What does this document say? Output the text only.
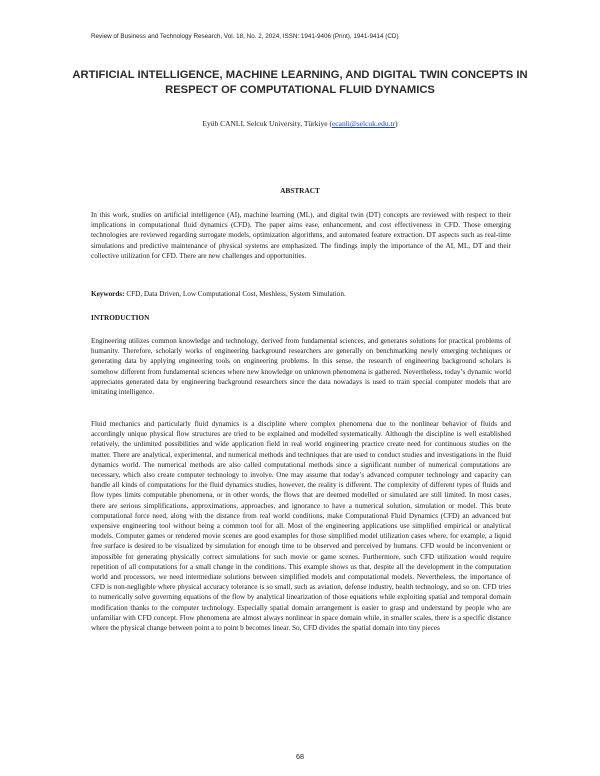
Review of Business and Technology Research, Vol. 18, No. 2, 2024, ISSN: 1941-9406 (Print), 1941-9414 (CD)
ARTIFICIAL INTELLIGENCE, MACHINE LEARNING, AND DIGITAL TWIN CONCEPTS IN RESPECT OF COMPUTATIONAL FLUID DYNAMICS
Eyüb CANLI, Selcuk University, Türkiye (ecanli@selcuk.edu.tr)
ABSTRACT
In this work, studies on artificial intelligence (AI), machine learning (ML), and digital twin (DT) concepts are reviewed with respect to their implications in computational fluid dynamics (CFD). The paper aims ease, enhancement, and cost effectiveness in CFD. Those emerging technologies are reviewed regarding surrogate models, optimization algorithms, and automated feature extraction. DT aspects such as real-time simulations and predictive maintenance of physical systems are emphasized. The findings imply the importance of the AI, ML, DT and their collective utilization for CFD. There are new challenges and opportunities.
Keywords: CFD, Data Driven, Low Computational Cost, Meshless, System Simulation.
INTRODUCTION
Engineering utilizes common knowledge and technology, derived from fundamental sciences, and generates solutions for practical problems of humanity. Therefore, scholarly works of engineering background researchers are generally on benchmarking newly emerging techniques or generating data by applying engineering tools on engineering problems. In this sense, the research of engineering background scholars is somehow different from fundamental sciences where new knowledge on unknown phenomena is gathered. Nevertheless, today’s dynamic world appreciates generated data by engineering background researchers since the data nowadays is used to train special computer models that are imitating intelligence.
Fluid mechanics and particularly fluid dynamics is a discipline where complex phenomena due to the nonlinear behavior of fluids and accordingly unique physical flow structures are tried to be explained and modelled systematically. Although the discipline is well established relatively, the unlimited possibilities and wide application field in real world engineering practice create need for continuous studies on the matter. There are analytical, experimental, and numerical methods and techniques that are used to conduct studies and investigations in the fluid dynamics world. The numerical methods are also called computational methods since a significant number of numerical computations are necessary, which also create computer technology to involve. One may assume that today’s advanced computer technology and capacity can handle all kinds of computations for the fluid dynamics studies, however, the reality is different. The complexity of different types of fluids and flow types limits computable phenomena, or in other words, the flows that are deemed modelled or simulated are still limited. In most cases, there are serious simplifications, approximations, approaches, and ignorance to have a numerical solution, simulation or model. This brute computational force need, along with the distance from real world conditions, make Computational Fluid Dynamics (CFD) an advanced but expensive engineering tool without being a common tool for all. Most of the engineering applications use simplified empirical or analytical models. Computer games or rendered movie scenes are good examples for those simplified model utilization cases where, for example, a liquid free surface is desired to be visualized by simulation for enough time to be observed and perceived by humans. CFD would be inconvenient or impossible for generating physically correct simulations for such movie or game scenes. Furthermore, such CFD utilization would require repetition of all computations for a small change in the conditions. This example shows us that, despite all the development in the computation world and processors, we need intermediate solutions between simplified models and computational models. Nevertheless, the importance of CFD is non-negligible where physical accuracy tolerance is so small, such as aviation, defense industry, health technology, and so on. CFD tries to numerically solve governing equations of the flow by analytical linearization of those equations while exploiting spatial and temporal domain modification thanks to the computer technology. Especially spatial domain arrangement is easier to grasp and understand by people who are unfamiliar with CFD concept. Flow phenomena are almost always nonlinear in space domain while, in smaller scales, there is a specific distance where the physical change between point a to point b becomes linear. So, CFD divides the spatial domain into tiny pieces
68
